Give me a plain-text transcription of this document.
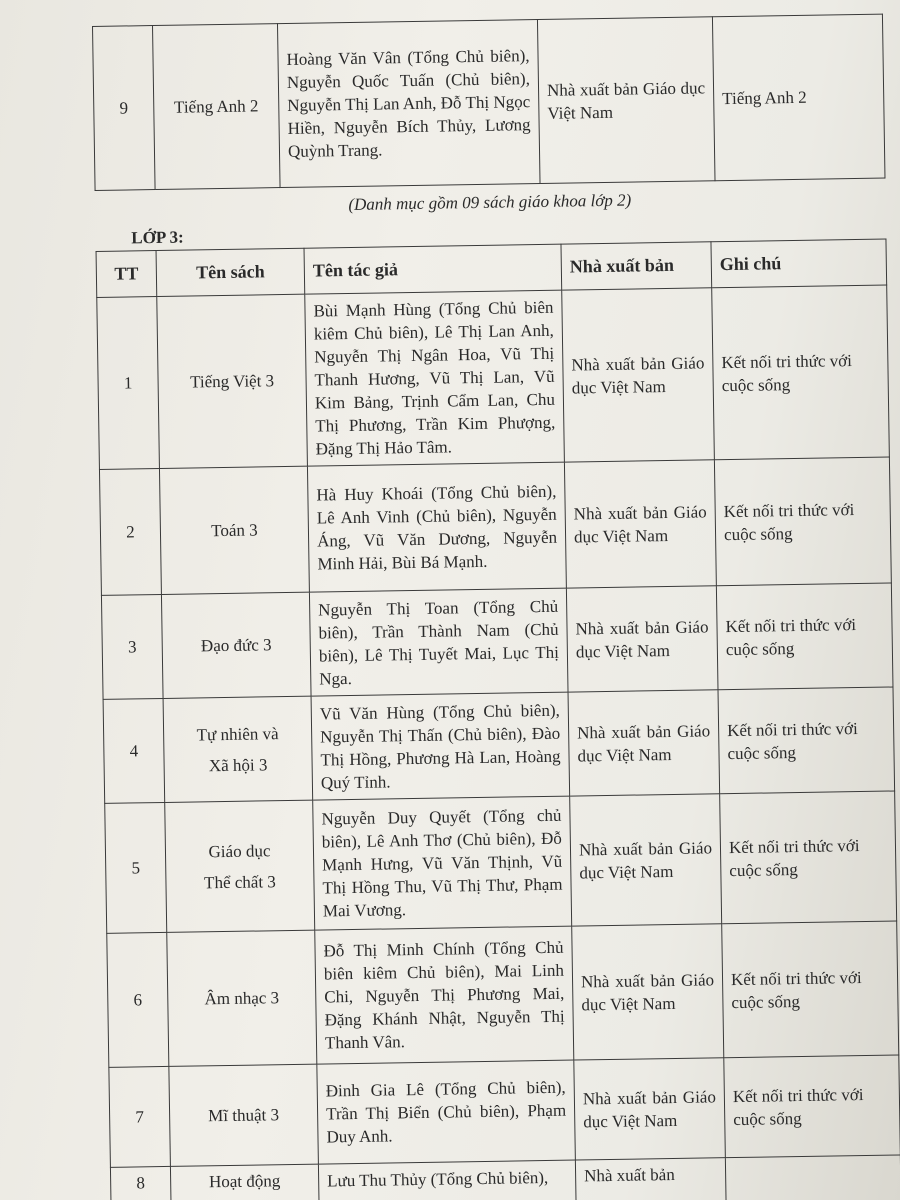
9	Tiếng Anh 2	Hoàng Văn Vân (Tổng Chủ biên), Nguyễn Quốc Tuấn (Chủ biên), Nguyễn Thị Lan Anh, Đỗ Thị Ngọc Hiền, Nguyễn Bích Thủy, Lương Quỳnh Trang.	Nhà xuất bản Giáo dục Việt Nam	Tiếng Anh 2
(Danh mục gồm 09 sách giáo khoa lớp 2)
LỚP 3:
TT	Tên sách	Tên tác giả	Nhà xuất bản	Ghi chú
1	Tiếng Việt 3	Bùi Mạnh Hùng (Tổng Chủ biên kiêm Chủ biên), Lê Thị Lan Anh, Nguyễn Thị Ngân Hoa, Vũ Thị Thanh Hương, Vũ Thị Lan, Vũ Kim Bảng, Trịnh Cẩm Lan, Chu Thị Phương, Trần Kim Phượng, Đặng Thị Hảo Tâm.	Nhà xuất bản Giáo dục Việt Nam	Kết nối tri thức với cuộc sống
2	Toán 3	Hà Huy Khoái (Tổng Chủ biên), Lê Anh Vinh (Chủ biên), Nguyễn Áng, Vũ Văn Dương, Nguyễn Minh Hải, Bùi Bá Mạnh.	Nhà xuất bản Giáo dục Việt Nam	Kết nối tri thức với cuộc sống
3	Đạo đức 3	Nguyễn Thị Toan (Tổng Chủ biên), Trần Thành Nam (Chủ biên), Lê Thị Tuyết Mai, Lục Thị Nga.	Nhà xuất bản Giáo dục Việt Nam	Kết nối tri thức với cuộc sống
4	Tự nhiên và
Xã hội 3	Vũ Văn Hùng (Tổng Chủ biên), Nguyễn Thị Thấn (Chủ biên), Đào Thị Hồng, Phương Hà Lan, Hoàng Quý Tỉnh.	Nhà xuất bản Giáo dục Việt Nam	Kết nối tri thức với cuộc sống
5	Giáo dục
Thể chất 3	Nguyễn Duy Quyết (Tổng chủ biên), Lê Anh Thơ (Chủ biên), Đỗ Mạnh Hưng, Vũ Văn Thịnh, Vũ Thị Hồng Thu, Vũ Thị Thư, Phạm Mai Vương.	Nhà xuất bản Giáo dục Việt Nam	Kết nối tri thức với cuộc sống
6	Âm nhạc 3	Đỗ Thị Minh Chính (Tổng Chủ biên kiêm Chủ biên), Mai Linh Chi, Nguyễn Thị Phương Mai, Đặng Khánh Nhật, Nguyễn Thị Thanh Vân.	Nhà xuất bản Giáo dục Việt Nam	Kết nối tri thức với cuộc sống
7	Mĩ thuật 3	Đinh Gia Lê (Tổng Chủ biên), Trần Thị Biển (Chủ biên), Phạm Duy Anh.	Nhà xuất bản Giáo dục Việt Nam	Kết nối tri thức với cuộc sống
8	Hoạt động	Lưu Thu Thủy (Tổng Chủ biên),	Nhà xuất bản	
